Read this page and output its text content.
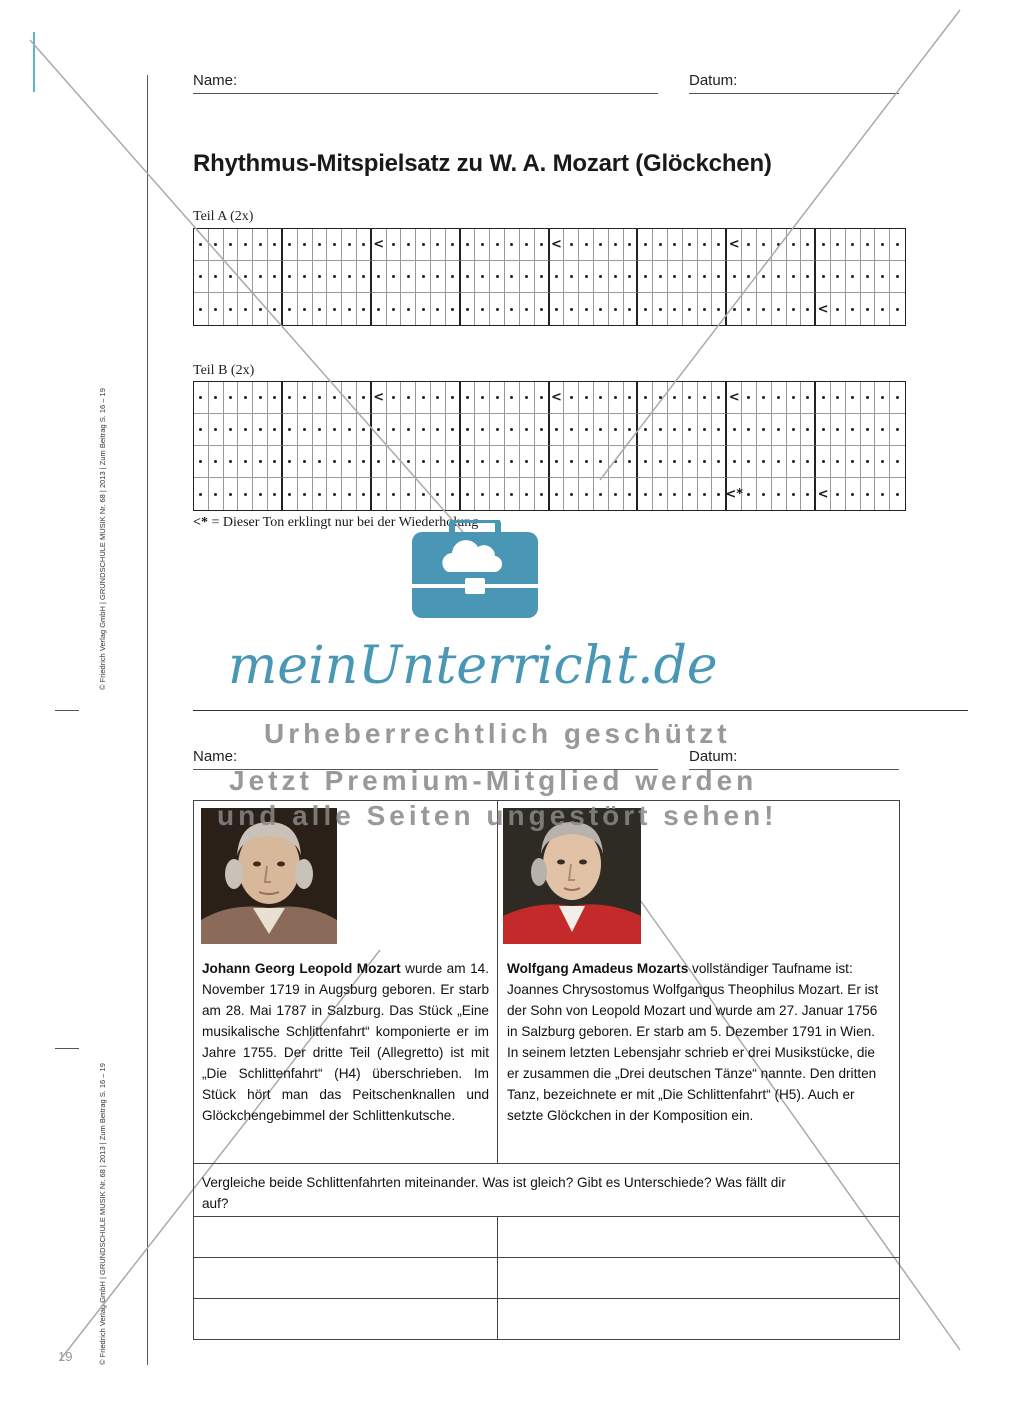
© Friedrich Verlag GmbH | GRUNDSCHULE MUSIK Nr. 68 | 2013 | Zum Beitrag S. 16 – 19
© Friedrich Verlag GmbH | GRUNDSCHULE MUSIK Nr. 68 | 2013 | Zum Beitrag S. 16 – 19
19
Name:	Datum:
Rhythmus-Mitspielsatz zu W. A. Mozart (Glöckchen)
Teil A (2x)
<	<	<
<
Teil B (2x)
<	<	<
<*	<
<* = Dieser Ton erklingt nur bei der Wiederholung
meinUnterricht.de
Name:	Datum:
Johann Georg Leopold Mozart wurde am 14. November 1719 in Augsburg geboren. Er starb am 28. Mai 1787 in Salzburg. Das Stück „Eine musikalische Schlittenfahrt“ komponierte er im Jahre 1755. Der dritte Teil (Allegretto) ist mit „Die Schlittenfahrt“ (H4) überschrieben. Im Stück hört man das Peitschenknallen und Glöckchengebimmel der Schlittenkutsche.
Wolfgang Amadeus Mozarts vollständiger Taufname ist: Joannes Chrysostomus Wolfgangus Theophilus Mozart. Er ist der Sohn von Leopold Mozart und wurde am 27. Januar 1756 in Salzburg geboren. Er starb am 5. Dezember 1791 in Wien. In seinem letzten Lebensjahr schrieb er drei Musikstücke, die er zusammen die „Drei deutschen Tänze“ nannte. Den dritten Tanz, bezeichnete er mit „Die Schlittenfahrt“ (H5). Auch er setzte Glöckchen in der Komposition ein.
Vergleiche beide Schlittenfahrten miteinander. Was ist gleich? Gibt es Unterschiede? Was fällt dir auf?
Urheberrechtlich geschützt
Jetzt Premium-Mitglied werden
und alle Seiten ungestört sehen!
